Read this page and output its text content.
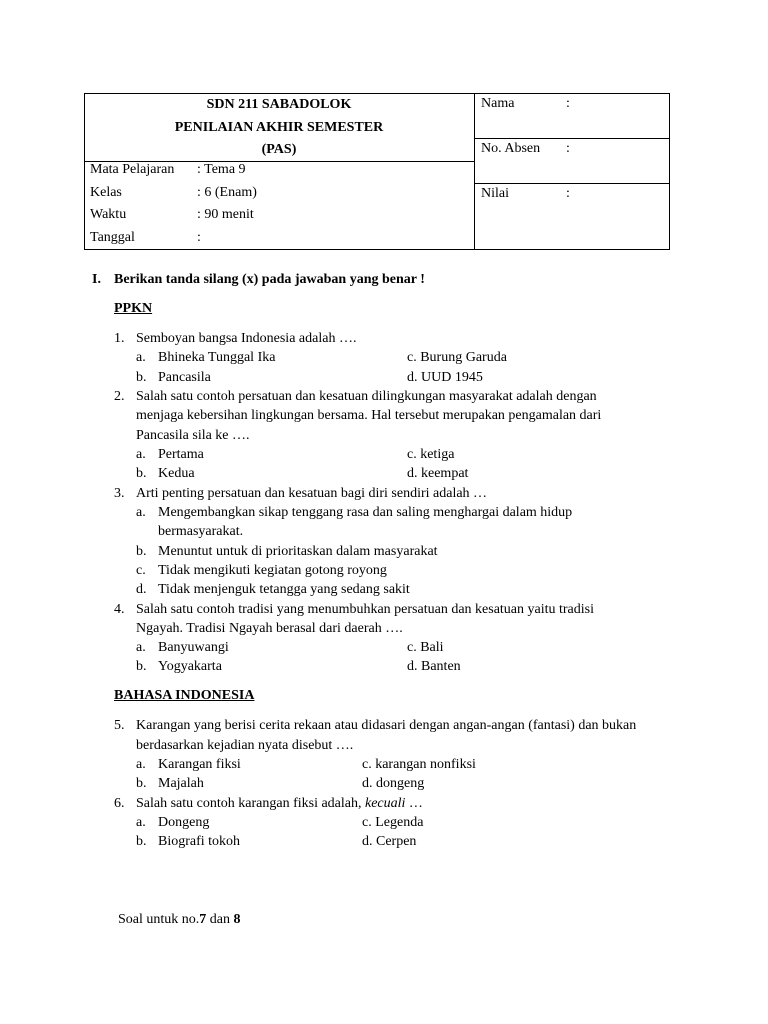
SDN 211 SABADOLOK
PENILAIAN AKHIR SEMESTER
(PAS)
Mata Pelajaran : Tema 9
Kelas	: 6 (Enam)
Waktu	: 90 menit
Tanggal	:
Nama	:
No. Absen :
Nilai	:
I. Berikan tanda silang (x) pada jawaban yang benar !
PPKN
1. Semboyan bangsa Indonesia adalah ….
a. Bhineka Tunggal Ika	c. Burung Garuda
b. Pancasila	d. UUD 1945
2. Salah satu contoh persatuan dan kesatuan dilingkungan masyarakat adalah dengan
menjaga kebersihan lingkungan bersama. Hal tersebut merupakan pengamalan dari
Pancasila sila ke ….
a. Pertama	c. ketiga
b. Kedua	d. keempat
3. Arti penting persatuan dan kesatuan bagi diri sendiri adalah …
a. Mengembangkan sikap tenggang rasa dan saling menghargai dalam hidup
bermasyarakat.
b. Menuntut untuk di prioritaskan dalam masyarakat
c. Tidak mengikuti kegiatan gotong royong
d. Tidak menjenguk tetangga yang sedang sakit
4. Salah satu contoh tradisi yang menumbuhkan persatuan dan kesatuan yaitu tradisi
Ngayah. Tradisi Ngayah berasal dari daerah ….
a. Banyuwangi	c. Bali
b. Yogyakarta	d. Banten
BAHASA INDONESIA
5. Karangan yang berisi cerita rekaan atau didasari dengan angan-angan (fantasi) dan bukan
berdasarkan kejadian nyata disebut ….
a. Karangan fiksi	c. karangan nonfiksi
b. Majalah	d. dongeng
6. Salah satu contoh karangan fiksi adalah, kecuali …
a. Dongeng	c. Legenda
b. Biografi tokoh	d. Cerpen
Soal untuk no.7 dan 8
